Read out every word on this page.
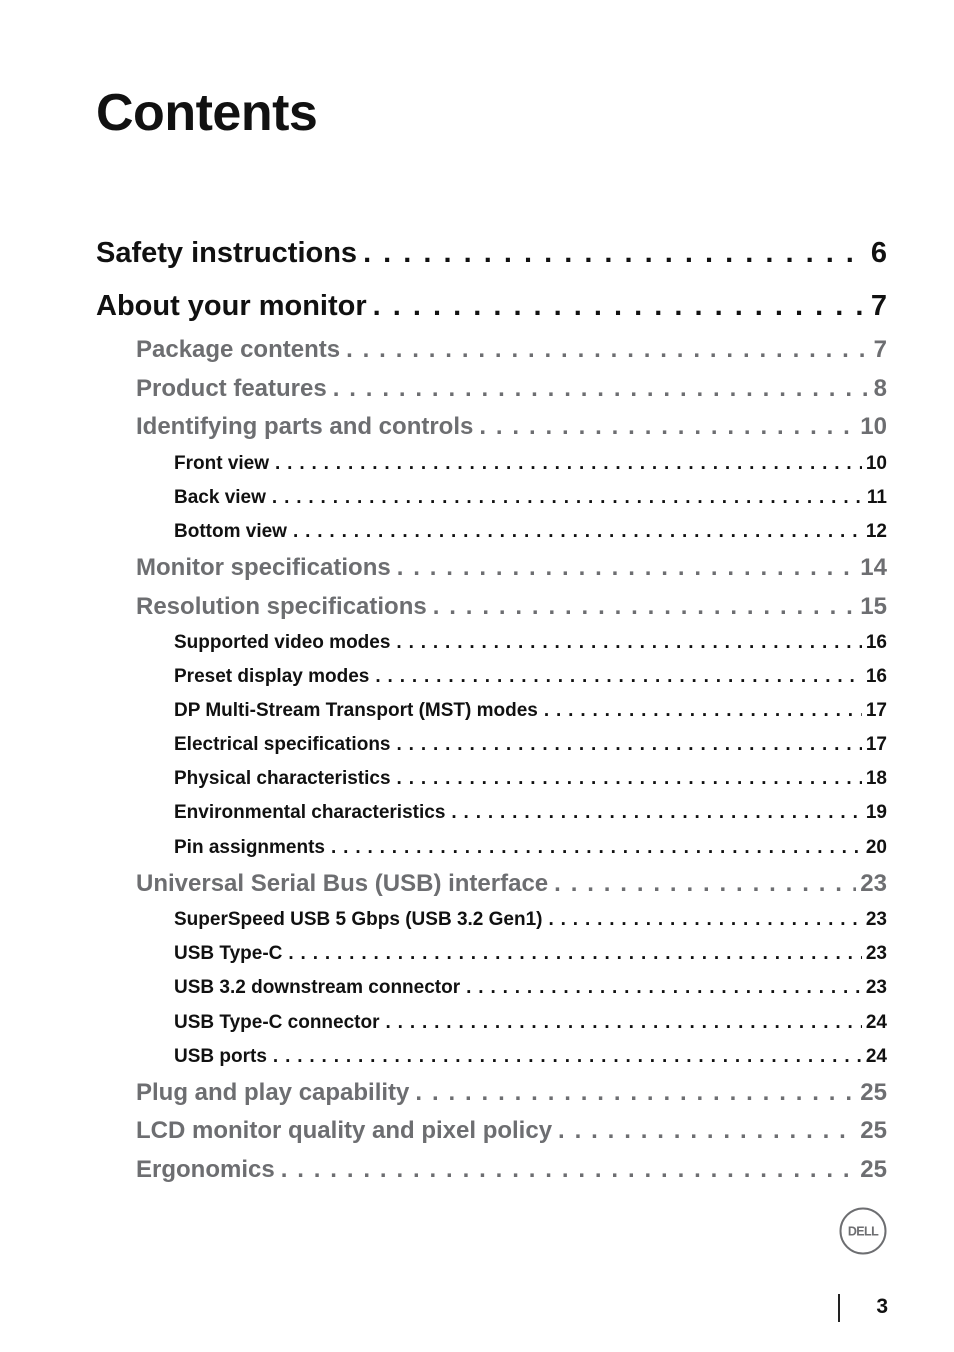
Contents
Safety instructions . . .	6
About your monitor . . .	7
Package contents . . .	7
Product features . . .	8
Identifying parts and controls . . .	10
Front view . . .	10
Back view . . .	11
Bottom view . . .	12
Monitor specifications . . .	14
Resolution specifications . . .	15
Supported video modes . . .	16
Preset display modes . . .	16
DP Multi-Stream Transport (MST) modes . . .	17
Electrical specifications . . .	17
Physical characteristics . . .	18
Environmental characteristics . . .	19
Pin assignments . . .	20
Universal Serial Bus (USB) interface . . .	23
SuperSpeed USB 5 Gbps (USB 3.2 Gen1) . . .	23
USB Type-C . . .	23
USB 3.2 downstream connector . . .	23
USB Type-C connector . . .	24
USB ports . . .	24
Plug and play capability . . .	25
LCD monitor quality and pixel policy . . .	25
Ergonomics . . .	25
DELL
3
